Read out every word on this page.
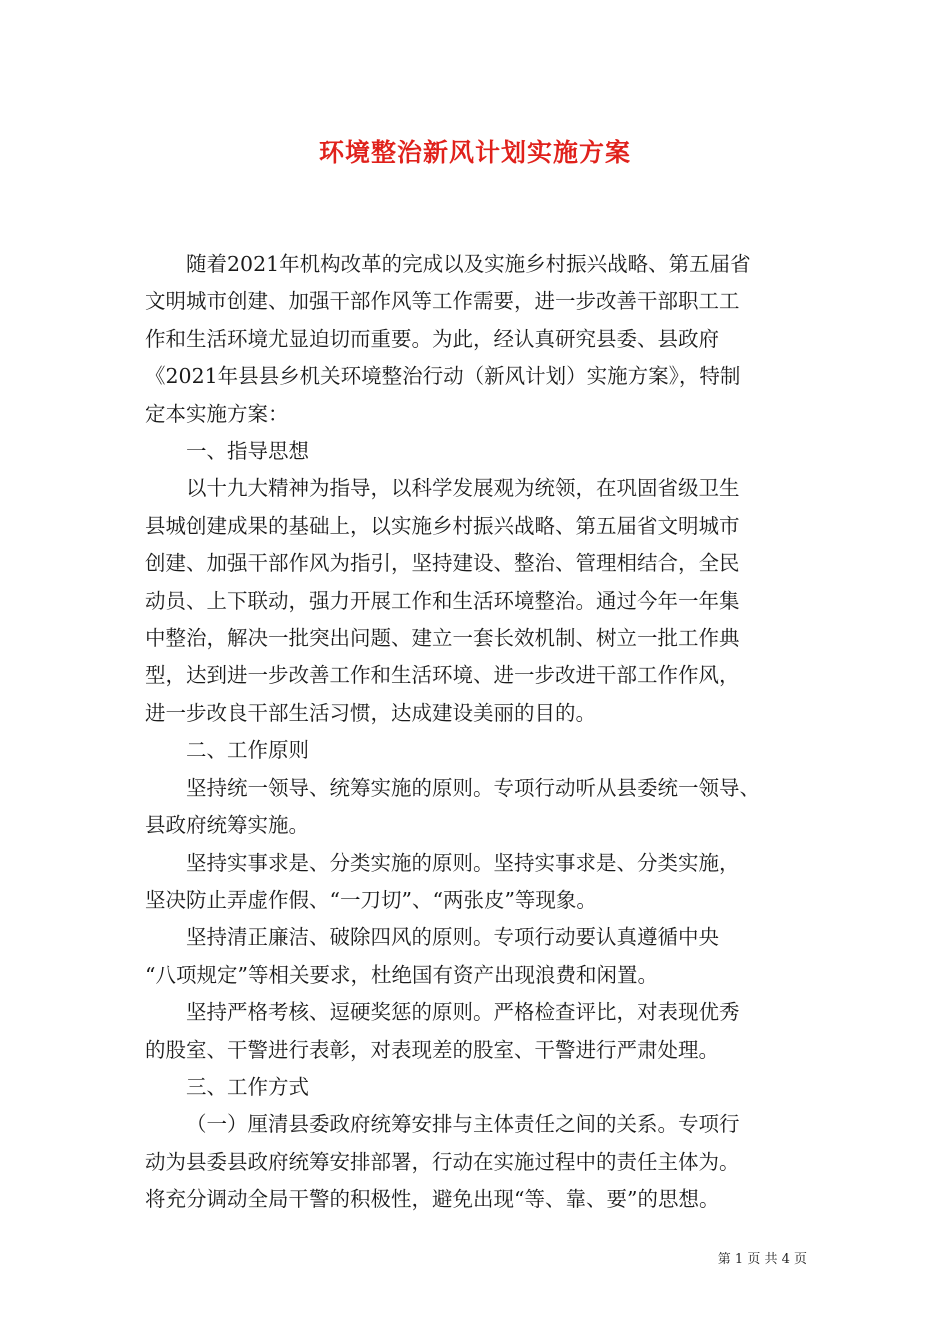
环境整治新风计划实施方案
随着2021年机构改革的完成以及实施乡村振兴战略、第五届省
文明城市创建、加强干部作风等工作需要，进一步改善干部职工工
作和生活环境尤显迫切而重要。为此，经认真研究县委、县政府
《2021年县县乡机关环境整治行动（新风计划）实施方案》，特制
定本实施方案：
一、指导思想
以十九大精神为指导，以科学发展观为统领，在巩固省级卫生
县城创建成果的基础上，以实施乡村振兴战略、第五届省文明城市
创建、加强干部作风为指引，坚持建设、整治、管理相结合，全民
动员、上下联动，强力开展工作和生活环境整治。通过今年一年集
中整治，解决一批突出问题、建立一套长效机制、树立一批工作典
型，达到进一步改善工作和生活环境、进一步改进干部工作作风，
进一步改良干部生活习惯，达成建设美丽的目的。
二、工作原则
坚持统一领导、统筹实施的原则。专项行动听从县委统一领导、
县政府统筹实施。
坚持实事求是、分类实施的原则。坚持实事求是、分类实施，
坚决防止弄虚作假、“一刀切”、“两张皮”等现象。
坚持清正廉洁、破除四风的原则。专项行动要认真遵循中央
“八项规定”等相关要求，杜绝国有资产出现浪费和闲置。
坚持严格考核、逗硬奖惩的原则。严格检查评比，对表现优秀
的股室、干警进行表彰，对表现差的股室、干警进行严肃处理。
三、工作方式
（一）厘清县委政府统筹安排与主体责任之间的关系。专项行
动为县委县政府统筹安排部署，行动在实施过程中的责任主体为。
将充分调动全局干警的积极性，避免出现“等、靠、要”的思想。
第 1 页 共 4 页
